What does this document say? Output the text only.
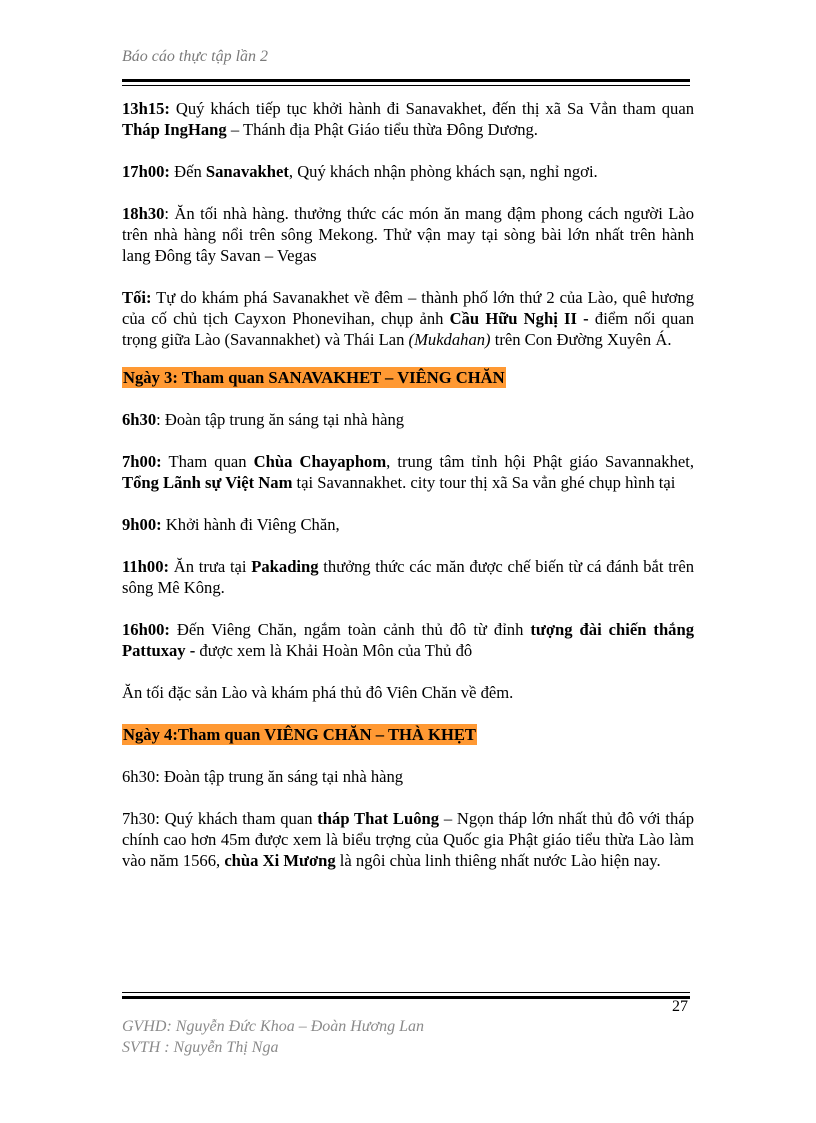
Báo cáo thực tập lần 2

13h15: Quý khách tiếp tục khởi hành đi Sanavakhet, đến thị xã Sa Vẳn tham quan Tháp IngHang – Thánh địa Phật Giáo tiểu thừa Đông Dương.

17h00: Đến Sanavakhet, Quý khách nhận phòng khách sạn, nghỉ ngơi.

18h30: Ăn tối nhà hàng. thưởng thức các món ăn mang đậm phong cách người Lào trên nhà hàng nổi trên sông Mekong. Thử vận may tại sòng bài lớn nhất trên hành lang Đông tây Savan – Vegas

Tối: Tự do khám phá Savanakhet về đêm – thành phố lớn thứ 2 của Lào, quê hương của cố chủ tịch Cayxon Phonevihan, chụp ảnh Cầu Hữu Nghị II - điểm nối quan trọng giữa Lào (Savannakhet) và Thái Lan (Mukdahan) trên Con Đường Xuyên Á.

Ngày 3: Tham quan SANAVAKHET – VIÊNG CHĂN

6h30: Đoàn tập trung ăn sáng tại nhà hàng

7h00: Tham quan Chùa Chayaphom, trung tâm tỉnh hội Phật giáo Savannakhet, Tổng Lãnh sự Việt Nam tại Savannakhet. city tour thị xã Sa vẳn ghé chụp hình tại

9h00: Khởi hành đi Viêng Chăn,

11h00: Ăn trưa tại Pakading thưởng thức các măn được chế biến từ cá đánh bắt trên sông Mê Kông.

16h00: Đến Viêng Chăn, ngắm toàn cảnh thủ đô từ đỉnh tượng đài chiến thắng Pattuxay - được xem là Khải Hoàn Môn của Thủ đô

Ăn tối đặc sản Lào và khám phá thủ đô Viên Chăn về đêm.

Ngày 4:Tham quan VIÊNG CHĂN – THÀ KHẸT

6h30: Đoàn tập trung ăn sáng tại nhà hàng

7h30: Quý khách tham quan tháp That Luông – Ngọn tháp lớn nhất thủ đô với tháp chính cao hơn 45m được xem là biểu trợng của Quốc gia Phật giáo tiểu thừa Lào làm vào năm 1566, chùa Xi Mương là ngôi chùa linh thiêng nhất nước Lào hiện nay.

27

GVHD: Nguyễn Đức Khoa – Đoàn Hương Lan

SVTH : Nguyễn Thị Nga
